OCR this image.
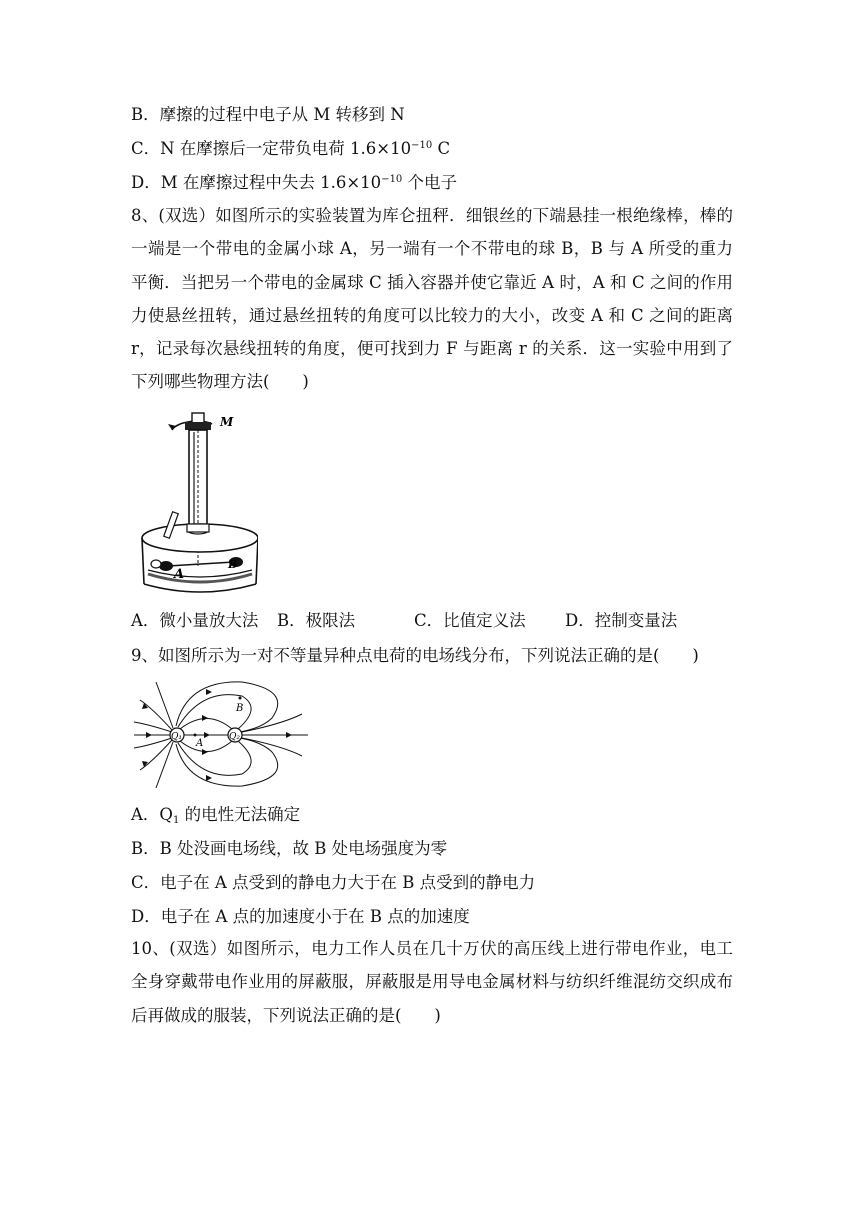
B．摩擦的过程中电子从 M 转移到 N
C．N 在摩擦后一定带负电荷 $1.6\times 10^{-10}$ C
D．M 在摩擦过程中失去 $1.6\times 10^{-10}$ 个电子
8、(双选）如图所示的实验装置为库仑扭秤．细银丝的下端悬挂一根绝缘棒，棒的一端是一个带电的金属小球 A，另一端有一个不带电的球 B，B 与 A 所受的重力平衡．当把另一个带电的金属球 C 插入容器并使它靠近 A 时，A 和 C 之间的作用力使悬丝扭转，通过悬丝扭转的角度可以比较力的大小，改变 A 和 C 之间的距离 r，记录每次悬线扭转的角度，便可找到力 F 与距离 r 的关系．这一实验中用到了下列哪些物理方法(　　)
M
A
B
A．微小量放大法 B．极限法	C．比值定义法 D．控制变量法
9、如图所示为一对不等量异种点电荷的电场线分布，下列说法正确的是(　　)
Q₁	Q₂
A
B
A．$Q_1$ 的电性无法确定
B．B 处没画电场线，故 B 处电场强度为零
C．电子在 A 点受到的静电力大于在 B 点受到的静电力
D．电子在 A 点的加速度小于在 B 点的加速度
10、(双选）如图所示，电力工作人员在几十万伏的高压线上进行带电作业，电工全身穿戴带电作业用的屏蔽服，屏蔽服是用导电金属材料与纺织纤维混纺交织成布后再做成的服装，下列说法正确的是(　　)
